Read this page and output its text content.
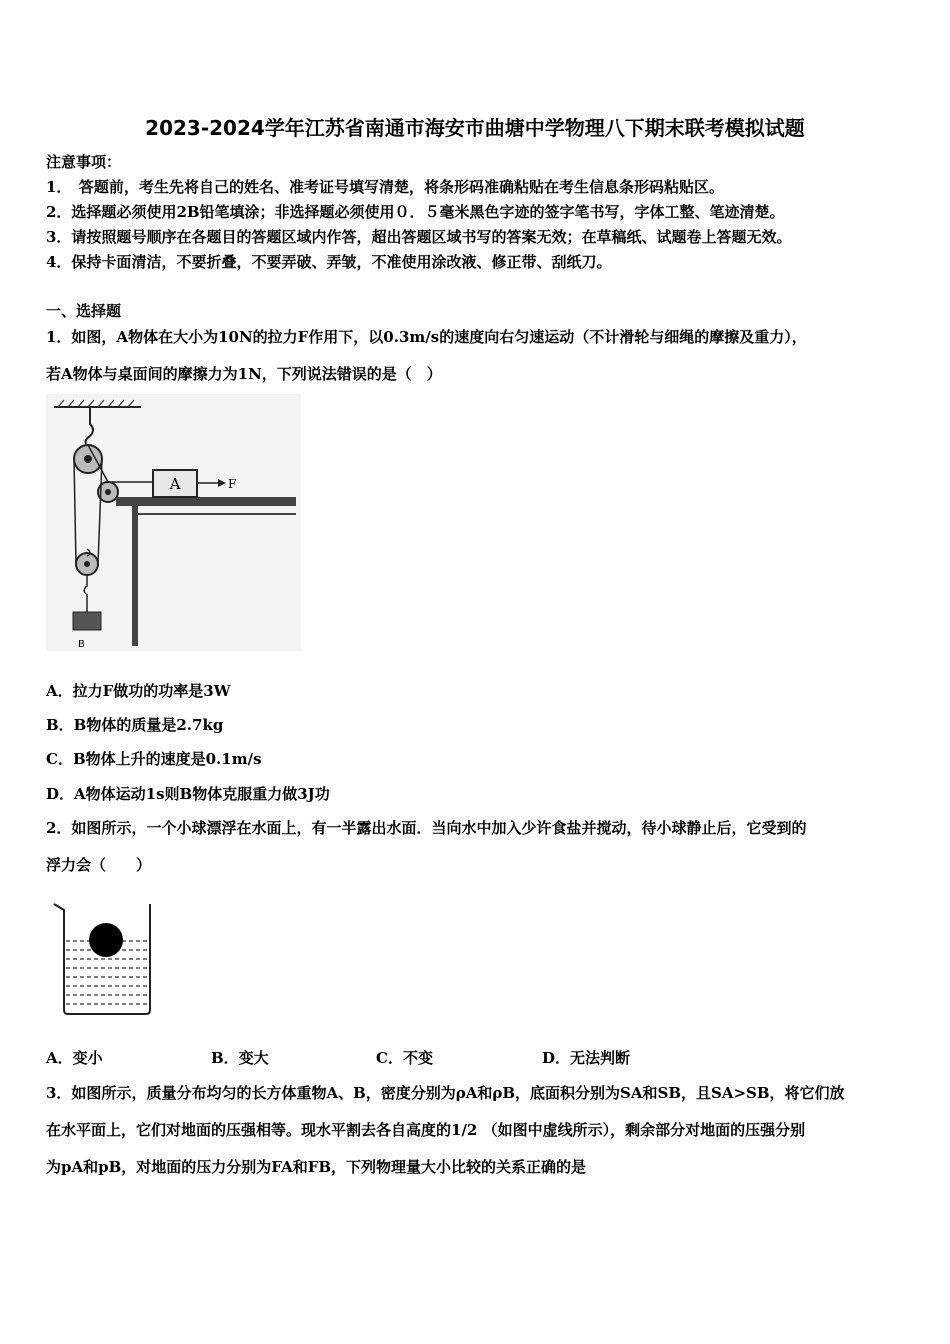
2023-2024学年江苏省南通市海安市曲塘中学物理八下期末联考模拟试题
注意事项：
1．　答题前，考生先将自己的姓名、准考证号填写清楚，将条形码准确粘贴在考生信息条形码粘贴区。
2．选择题必须使用2B铅笔填涂；非选择题必须使用０．５毫米黑色字迹的签字笔书写，字体工整、笔迹清楚。
3．请按照题号顺序在各题目的答题区域内作答，超出答题区域书写的答案无效；在草稿纸、试题卷上答题无效。
4．保持卡面清洁，不要折叠，不要弄破、弄皱，不准使用涂改液、修正带、刮纸刀。
一、选择题
1．如图，A物体在大小为10N的拉力F作用下，以0.3m/s的速度向右匀速运动（不计滑轮与细绳的摩擦及重力），
若A物体与桌面间的摩擦力为1N，下列说法错误的是（　）
A	F
B
A．拉力F做功的功率是3W
B．B物体的质量是2.7kg
C．B物体上升的速度是0.1m/s
D．A物体运动1s则B物体克服重力做3J功
2．如图所示，一个小球漂浮在水面上，有一半露出水面．当向水中加入少许食盐并搅动，待小球静止后，它受到的
浮力会（　　）
A．变小	B．变大	C．不变	D．无法判断
3．如图所示，质量分布均匀的长方体重物A、B，密度分别为ρA和ρB，底面积分别为SA和SB，且SA>SB，将它们放
在水平面上，它们对地面的压强相等。现水平割去各自高度的1/2 （如图中虚线所示），剩余部分对地面的压强分别
为pA和pB，对地面的压力分别为FA和FB，下列物理量大小比较的关系正确的是
